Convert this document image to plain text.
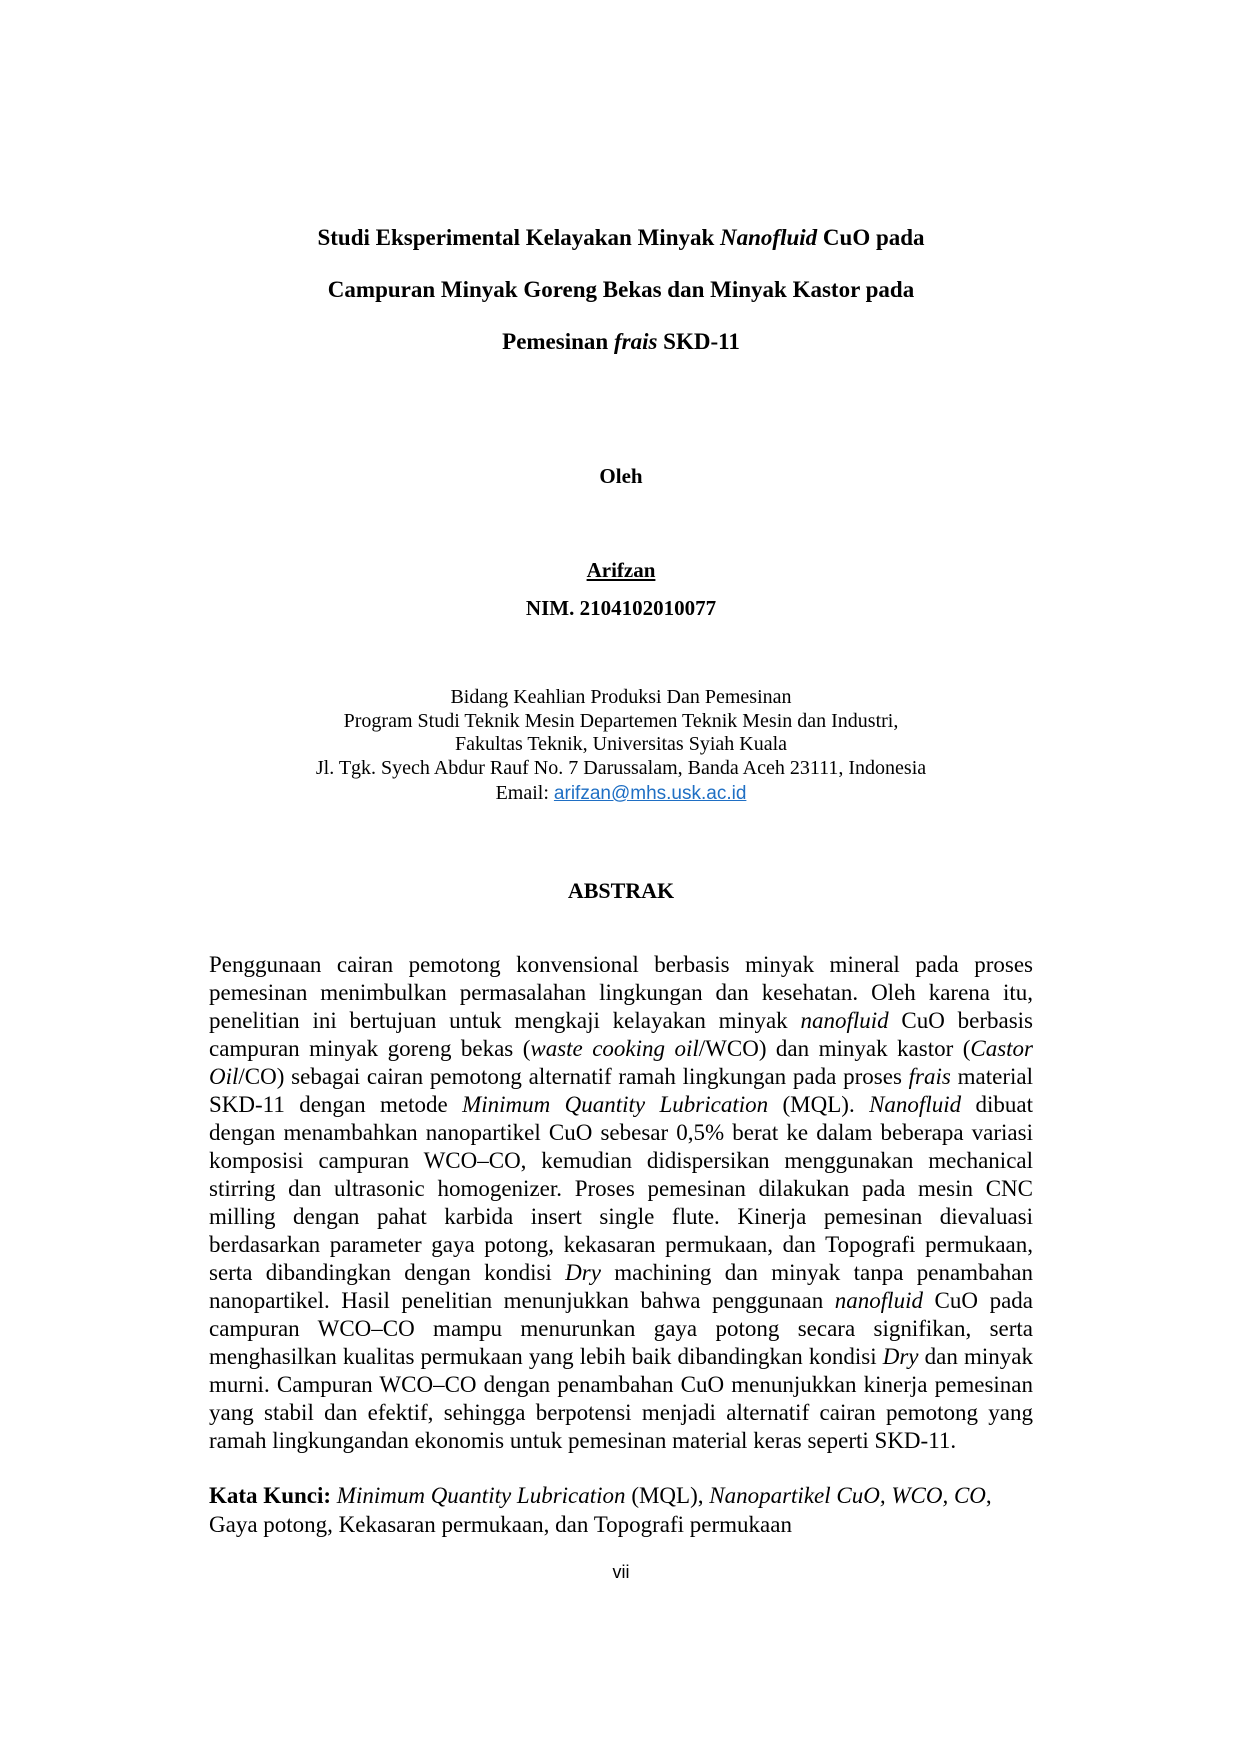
Studi Eksperimental Kelayakan Minyak Nanofluid CuO pada
Campuran Minyak Goreng Bekas dan Minyak Kastor pada
Pemesinan frais SKD-11
Oleh
Arifzan
NIM. 2104102010077
Bidang Keahlian Produksi Dan Pemesinan
Program Studi Teknik Mesin Departemen Teknik Mesin dan Industri,
Fakultas Teknik, Universitas Syiah Kuala
Jl. Tgk. Syech Abdur Rauf No. 7 Darussalam, Banda Aceh 23111, Indonesia
Email: arifzan@mhs.usk.ac.id
ABSTRAK
Penggunaan cairan pemotong konvensional berbasis minyak mineral pada proses pemesinan menimbulkan permasalahan lingkungan dan kesehatan. Oleh karena itu, penelitian ini bertujuan untuk mengkaji kelayakan minyak nanofluid CuO berbasis campuran minyak goreng bekas (waste cooking oil/WCO) dan minyak kastor (Castor Oil/CO) sebagai cairan pemotong alternatif ramah lingkungan pada proses frais material SKD-11 dengan metode Minimum Quantity Lubrication (MQL). Nanofluid dibuat dengan menambahkan nanopartikel CuO sebesar 0,5% berat ke dalam beberapa variasi komposisi campuran WCO–CO, kemudian didispersikan menggunakan mechanical stirring dan ultrasonic homogenizer. Proses pemesinan dilakukan pada mesin CNC milling dengan pahat karbida insert single flute. Kinerja pemesinan dievaluasi berdasarkan parameter gaya potong, kekasaran permukaan, dan Topografi permukaan, serta dibandingkan dengan kondisi Dry machining dan minyak tanpa penambahan nanopartikel. Hasil penelitian menunjukkan bahwa penggunaan nanofluid CuO pada campuran WCO–CO mampu menurunkan gaya potong secara signifikan, serta menghasilkan kualitas permukaan yang lebih baik dibandingkan kondisi Dry dan minyak murni. Campuran WCO–CO dengan penambahan CuO menunjukkan kinerja pemesinan yang stabil dan efektif, sehingga berpotensi menjadi alternatif cairan pemotong yang ramah lingkungandan ekonomis untuk pemesinan material keras seperti SKD-11.
Kata Kunci: Minimum Quantity Lubrication (MQL), Nanopartikel CuO, WCO, CO, Gaya potong, Kekasaran permukaan, dan Topografi permukaan
vii
